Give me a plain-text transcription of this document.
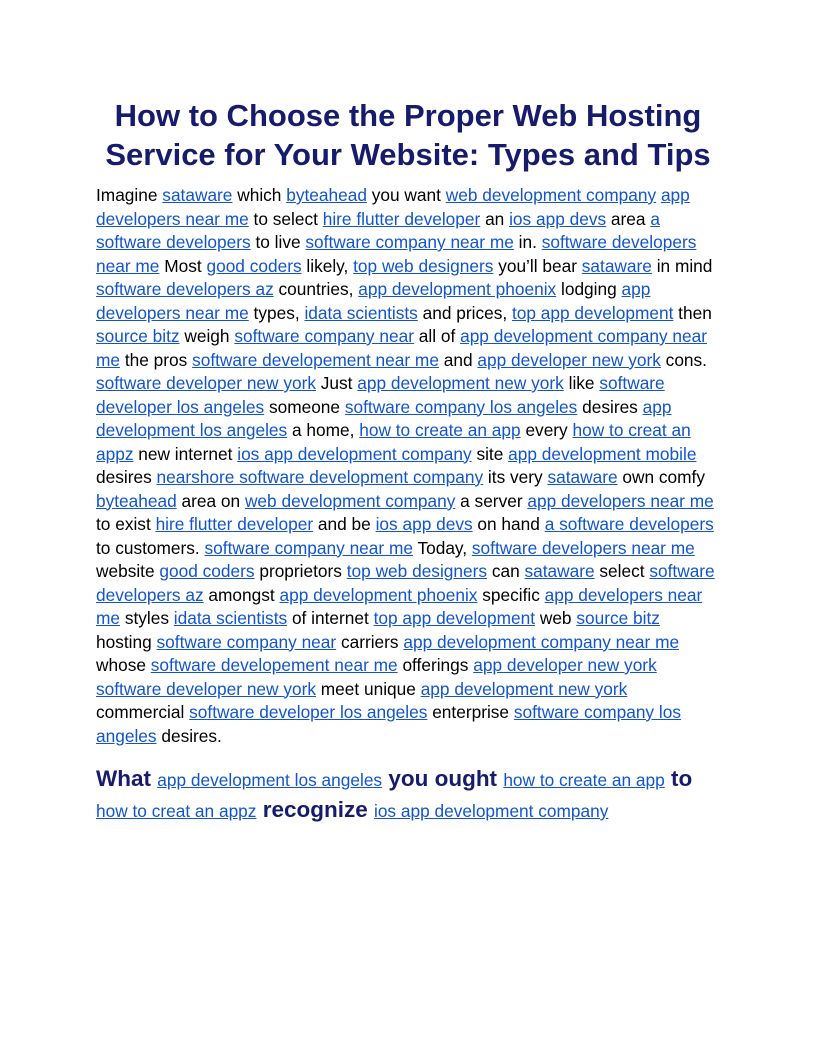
How to Choose the Proper Web Hosting Service for Your Website: Types and Tips

Imagine sataware which byteahead you want web development company app developers near me to select hire flutter developer an ios app devs area a software developers to live software company near me in. software developers near me Most good coders likely, top web designers you’ll bear sataware in mind software developers az countries, app development phoenix lodging app developers near me types, idata scientists and prices, top app development then source bitz weigh software company near all of app development company near me the pros software developement near me and app developer new york cons. software developer new york Just app development new york like software developer los angeles someone software company los angeles desires app development los angeles a home, how to create an app every how to creat an appz new internet ios app development company site app development mobile desires nearshore software development company its very sataware own comfy byteahead area on web development company a server app developers near me to exist hire flutter developer and be ios app devs on hand a software developers to customers. software company near me Today, software developers near me website good coders proprietors top web designers can sataware select software developers az amongst app development phoenix specific app developers near me styles idata scientists of internet top app development web source bitz hosting software company near carriers app development company near me whose software developement near me offerings app developer new york software developer new york meet unique app development new york commercial software developer los angeles enterprise software company los angeles desires.

What app development los angeles you ought how to create an app to how to creat an appz recognize ios app development company
